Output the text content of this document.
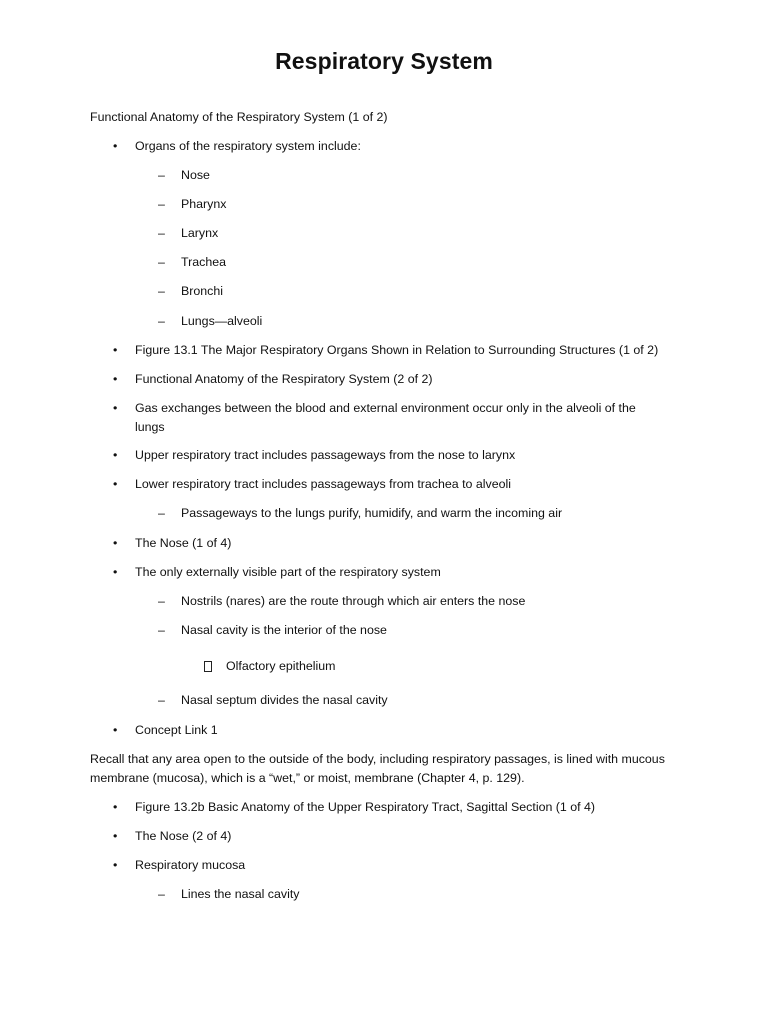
Respiratory System
Functional Anatomy of the Respiratory System (1 of 2)
• Organs of the respiratory system include:
– Nose
– Pharynx
– Larynx
– Trachea
– Bronchi
– Lungs—alveoli
• Figure 13.1 The Major Respiratory Organs Shown in Relation to Surrounding Structures (1 of 2)
• Functional Anatomy of the Respiratory System (2 of 2)
• Gas exchanges between the blood and external environment occur only in the alveoli of the lungs
• Upper respiratory tract includes passageways from the nose to larynx
• Lower respiratory tract includes passageways from trachea to alveoli
– Passageways to the lungs purify, humidify, and warm the incoming air
• The Nose (1 of 4)
• The only externally visible part of the respiratory system
– Nostrils (nares) are the route through which air enters the nose
– Nasal cavity is the interior of the nose
Olfactory epithelium
– Nasal septum divides the nasal cavity
• Concept Link 1
Recall that any area open to the outside of the body, including respiratory passages, is lined with mucous membrane (mucosa), which is a “wet,” or moist, membrane (Chapter 4, p. 129).
• Figure 13.2b Basic Anatomy of the Upper Respiratory Tract, Sagittal Section (1 of 4)
• The Nose (2 of 4)
• Respiratory mucosa
– Lines the nasal cavity
